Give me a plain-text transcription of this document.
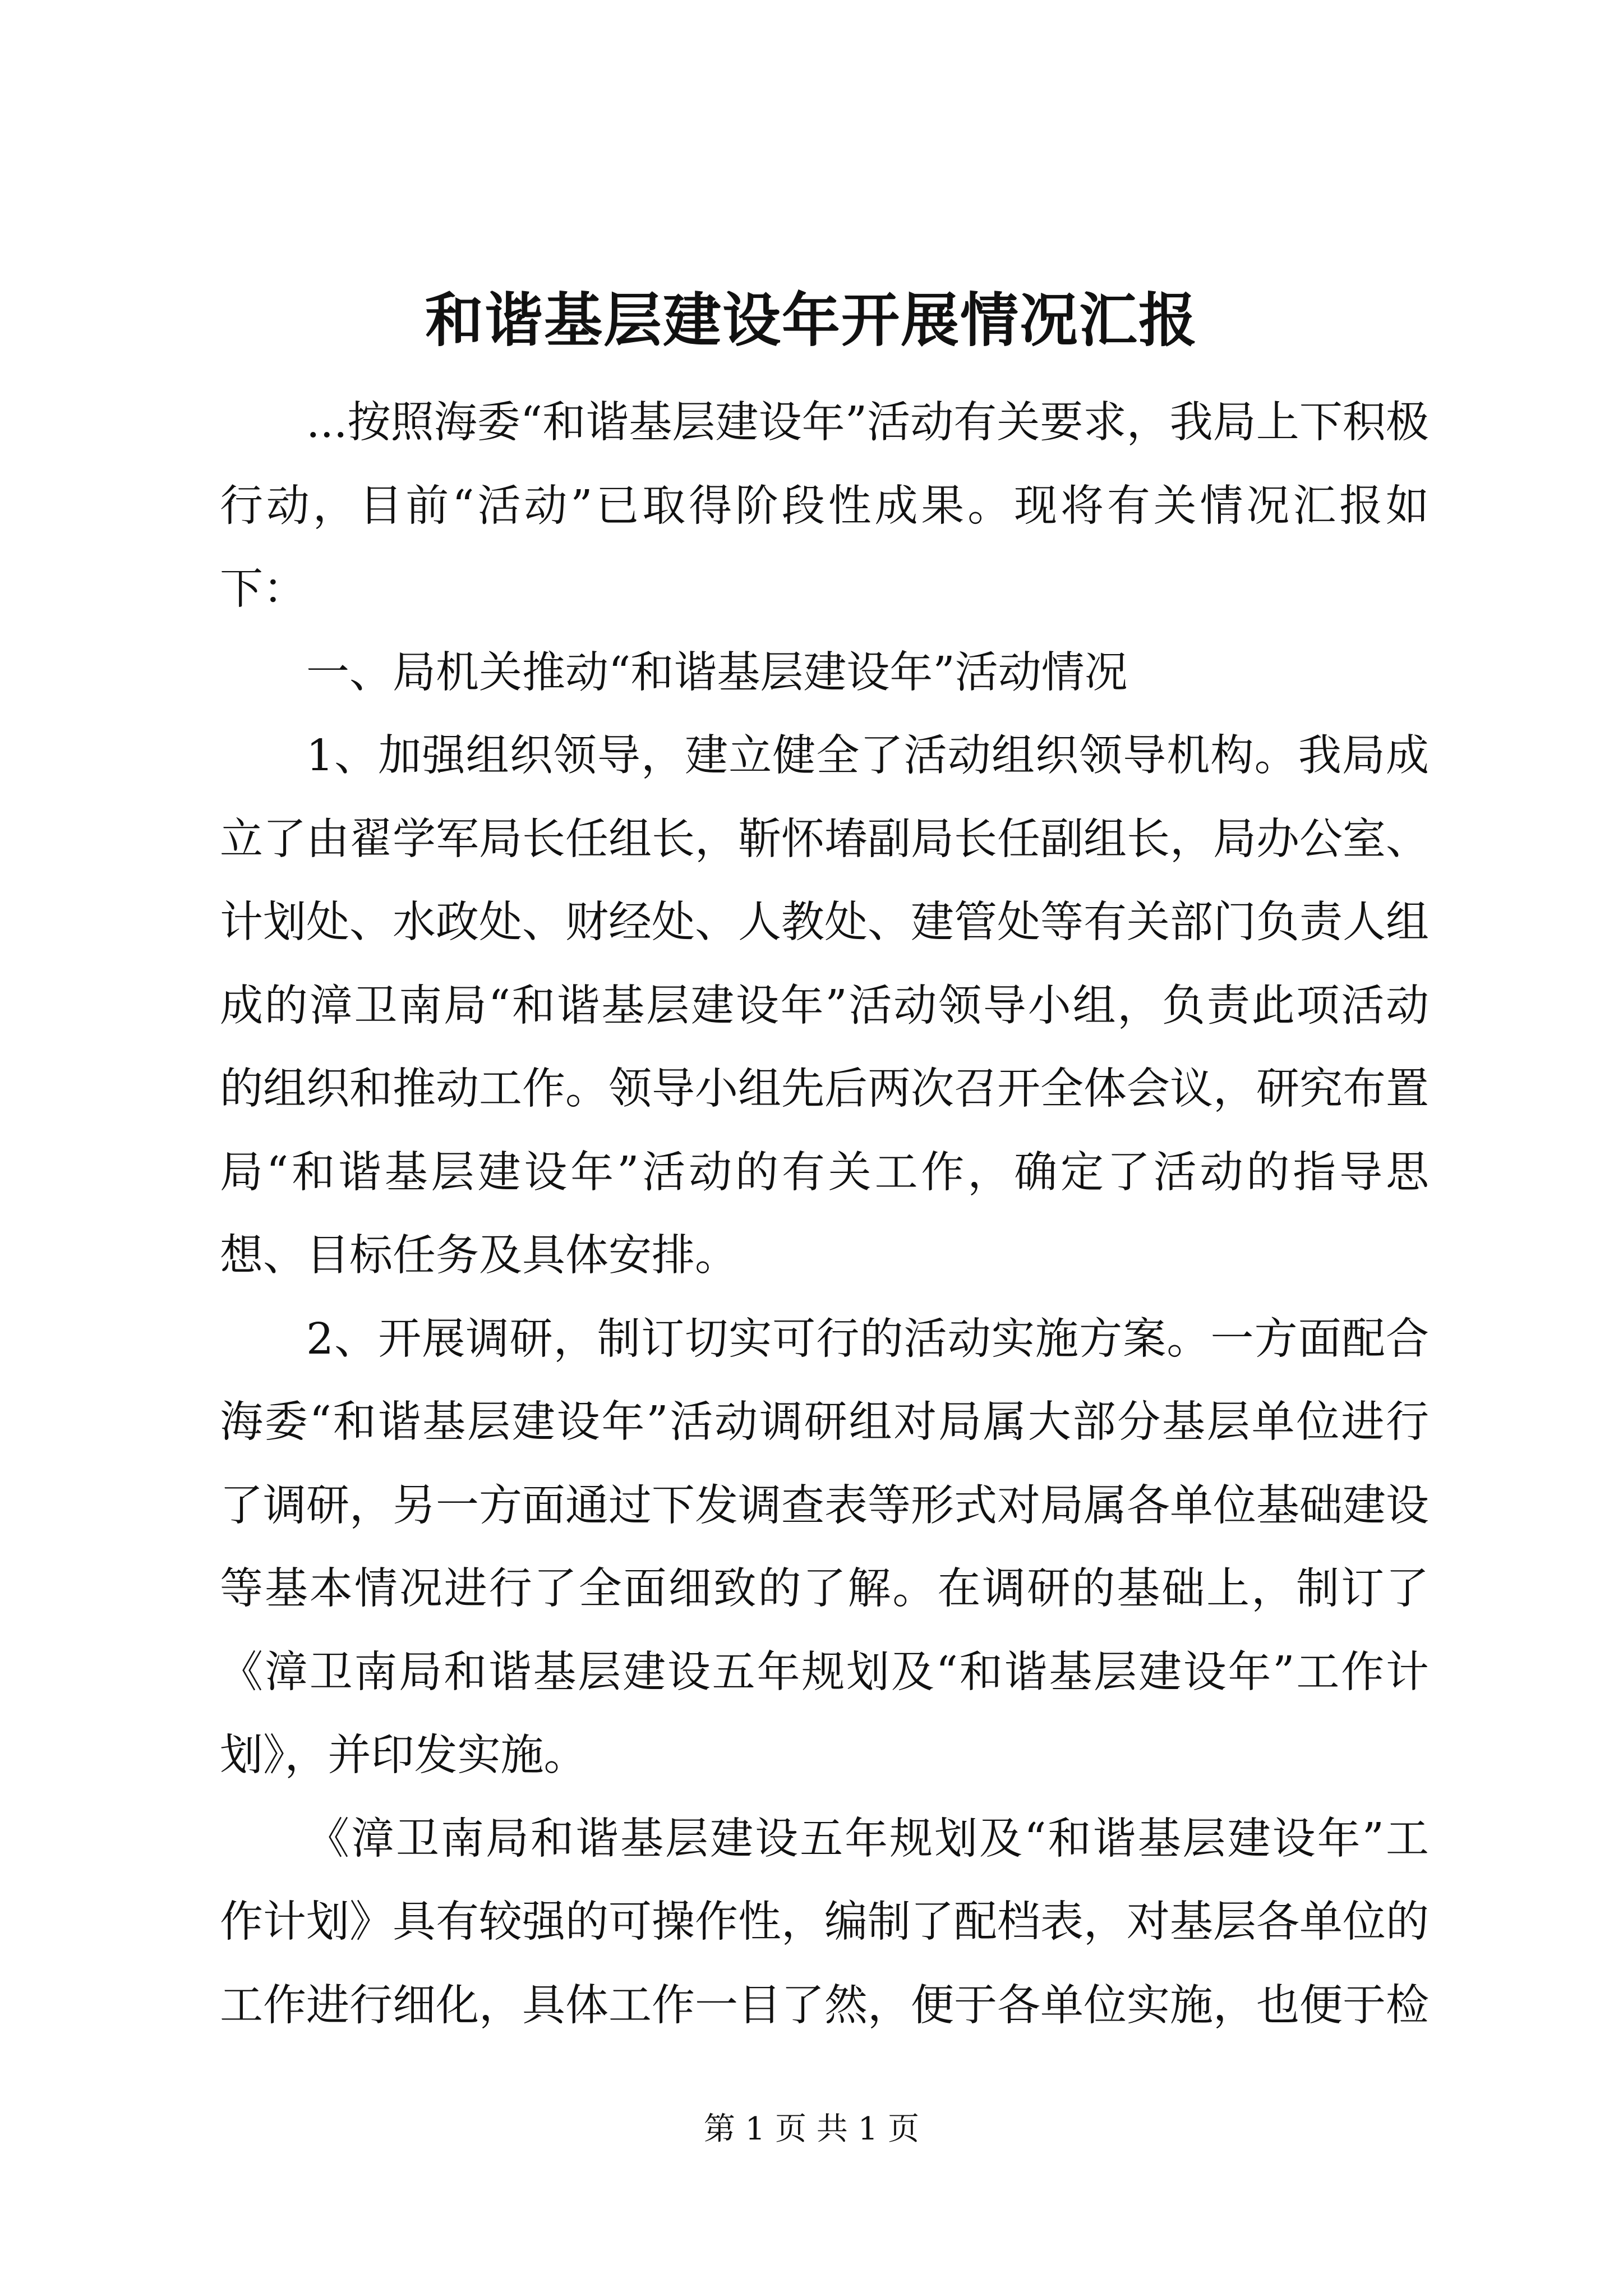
和谐基层建设年开展情况汇报

...按照海委“和谐基层建设年”活动有关要求，我局上下积极行动，目前“活动”已取得阶段性成果。现将有关情况汇报如下：

一、局机关推动“和谐基层建设年”活动情况

1、加强组织领导，建立健全了活动组织领导机构。我局成立了由翟学军局长任组长，靳怀堾副局长任副组长，局办公室、计划处、水政处、财经处、人教处、建管处等有关部门负责人组成的漳卫南局“和谐基层建设年”活动领导小组，负责此项活动的组织和推动工作。领导小组先后两次召开全体会议，研究布置局“和谐基层建设年”活动的有关工作，确定了活动的指导思想、目标任务及具体安排。

2、开展调研，制订切实可行的活动实施方案。一方面配合海委“和谐基层建设年”活动调研组对局属大部分基层单位进行了调研，另一方面通过下发调查表等形式对局属各单位基础建设等基本情况进行了全面细致的了解。在调研的基础上，制订了《漳卫南局和谐基层建设五年规划及“和谐基层建设年”工作计划》，并印发实施。

《漳卫南局和谐基层建设五年规划及“和谐基层建设年”工作计划》具有较强的可操作性，编制了配档表，对基层各单位的工作进行细化，具体工作一目了然，便于各单位实施，也便于检

第 1 页 共 1 页
